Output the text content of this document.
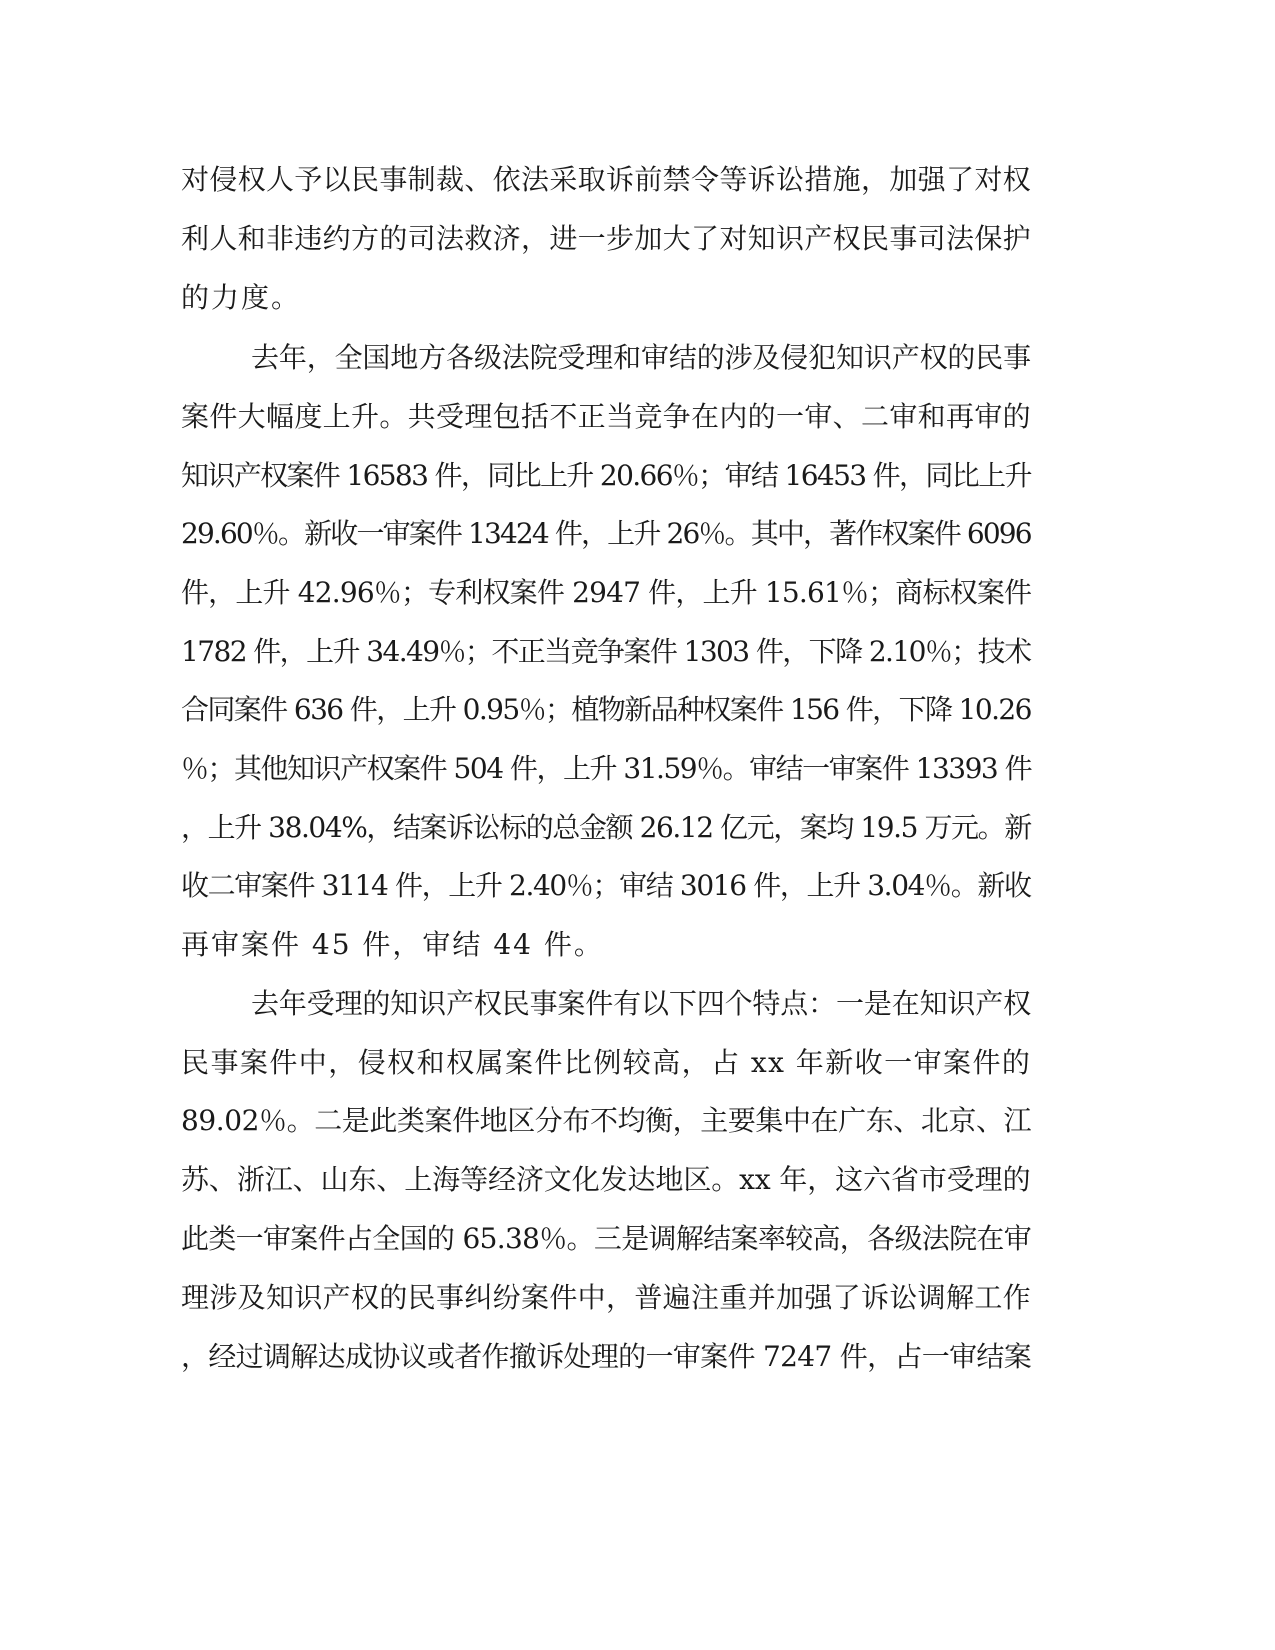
对侵权人予以民事制裁、依法采取诉前禁令等诉讼措施，加强了对权

利人和非违约方的司法救济，进一步加大了对知识产权民事司法保护

的力度。

去年，全国地方各级法院受理和审结的涉及侵犯知识产权的民事

案件大幅度上升。共受理包括不正当竞争在内的一审、二审和再审的

知识产权案件 16583 件，同比上升 20.66％；审结 16453 件，同比上升

29.60％。新收一审案件 13424 件，上升 26％。其中，著作权案件 6096

件，上升 42.96％；专利权案件 2947 件，上升 15.61％；商标权案件

1782 件，上升 34.49％；不正当竞争案件 1303 件，下降 2.10％；技术

合同案件 636 件，上升 0.95％；植物新品种权案件 156 件，下降 10.26

％；其他知识产权案件 504 件，上升 31.59％。审结一审案件 13393 件

，上升 38.04%，结案诉讼标的总金额 26.12 亿元，案均 19.5 万元。新

收二审案件 3114 件，上升 2.40％；审结 3016 件，上升 3.04％。新收

再审案件 45 件，审结 44 件。

去年受理的知识产权民事案件有以下四个特点：一是在知识产权

民事案件中，侵权和权属案件比例较高，占 xx 年新收一审案件的

89.02％。二是此类案件地区分布不均衡，主要集中在广东、北京、江

苏、浙江、山东、上海等经济文化发达地区。xx 年，这六省市受理的

此类一审案件占全国的 65.38％。三是调解结案率较高，各级法院在审

理涉及知识产权的民事纠纷案件中，普遍注重并加强了诉讼调解工作

，经过调解达成协议或者作撤诉处理的一审案件 7247 件，占一审结案
